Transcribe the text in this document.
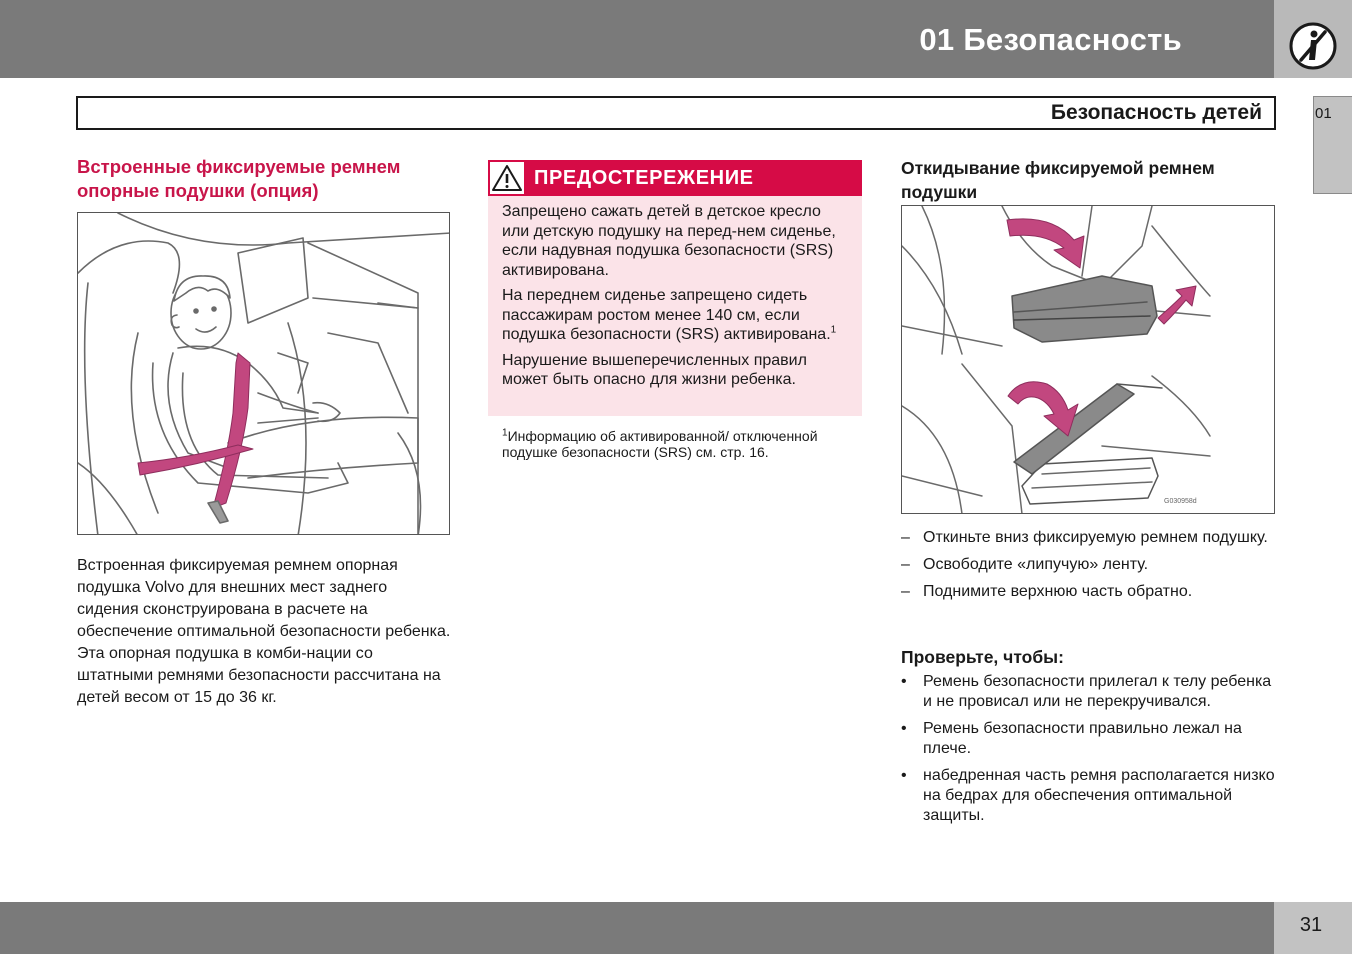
01 Безопасность
Безопасность детей	01
Встроенные фиксируемые ремнем опорные подушки (опция)
Встроенная фиксируемая ремнем опорная подушка Volvo для внешних мест заднего сидения сконструирована в расчете на обеспечение оптимальной безопасности ребенка. Эта опорная подушка в комби-нации со штатными ремнями безопасности рассчитана на детей весом от 15 до 36 кг.
ПРЕДОСТЕРЕЖЕНИЕ

Запрещено сажать детей в детское кресло или детскую подушку на перед-нем сиденье, если надувная подушка безопасности (SRS) активирована.

На переднем сиденье запрещено сидеть пассажирам ростом менее 140 см, если подушка безопасности (SRS) активирована.$^1$

Нарушение вышеперечисленных правил может быть опасно для жизни ребенка.

$^1$Информацию об активированной/ отключенной подушке безопасности (SRS) см. стр. 16.
Откидывание фиксируемой ремнем подушки
G030958d
– Откиньте вниз фиксируемую ремнем подушку.
– Освободите «липучую» ленту.
– Поднимите верхнюю часть обратно.
Проверьте, чтобы:
• Ремень безопасности прилегал к телу ребенка и не провисал или не перекручивался.
• Ремень безопасности правильно лежал на плече.
• набедренная часть ремня располагается низко на бедрах для обеспечения оптимальной защиты.
31
